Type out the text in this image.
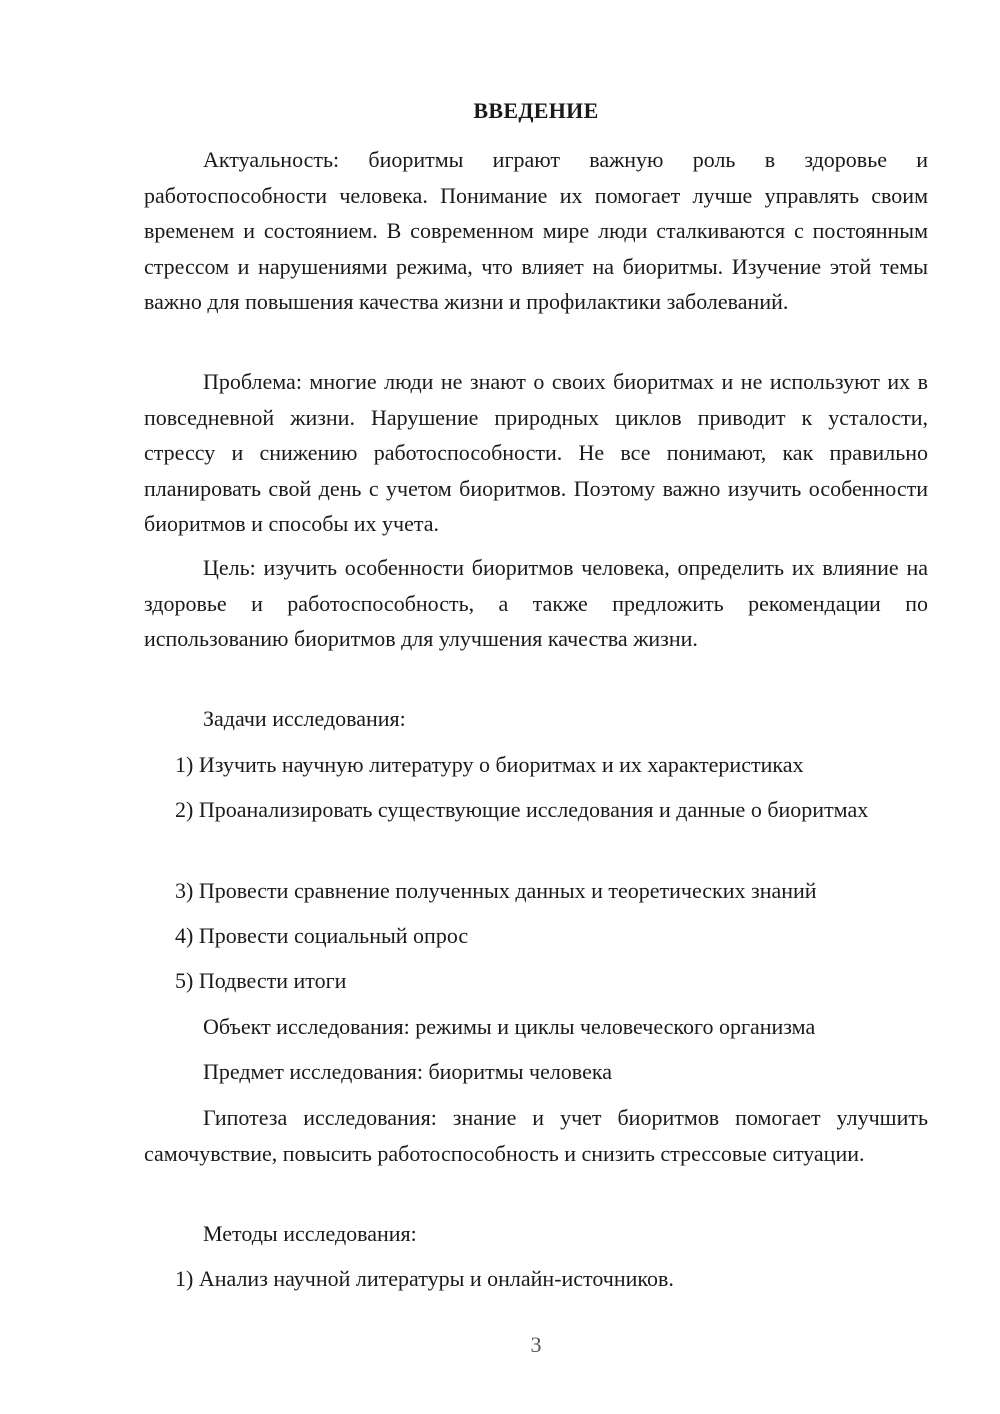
ВВЕДЕНИЕ
Актуальность: биоритмы играют важную роль в здоровье и работоспособности человека. Понимание их помогает лучше управлять своим временем и состоянием. В современном мире люди сталкиваются с постоянным стрессом и нарушениями режима, что влияет на биоритмы. Изучение этой темы важно для повышения качества жизни и профилактики заболеваний.
Проблема: многие люди не знают о своих биоритмах и не используют их в повседневной жизни. Нарушение природных циклов приводит к усталости, стрессу и снижению работоспособности. Не все понимают, как правильно планировать свой день с учетом биоритмов. Поэтому важно изучить особенности биоритмов и способы их учета.
Цель: изучить особенности биоритмов человека, определить их влияние на здоровье и работоспособность, а также предложить рекомендации по использованию биоритмов для улучшения качества жизни.
Задачи исследования:
1) Изучить научную литературу о биоритмах и их характеристиках
2) Проанализировать существующие исследования и данные о биоритмах
3) Провести сравнение полученных данных и теоретических знаний
4) Провести социальный опрос
5) Подвести итоги
Объект исследования: режимы и циклы человеческого организма
Предмет исследования: биоритмы человека
Гипотеза исследования: знание и учет биоритмов помогает улучшить самочувствие, повысить работоспособность и снизить стрессовые ситуации.
Методы исследования:
1) Анализ научной литературы и онлайн-источников.
3
